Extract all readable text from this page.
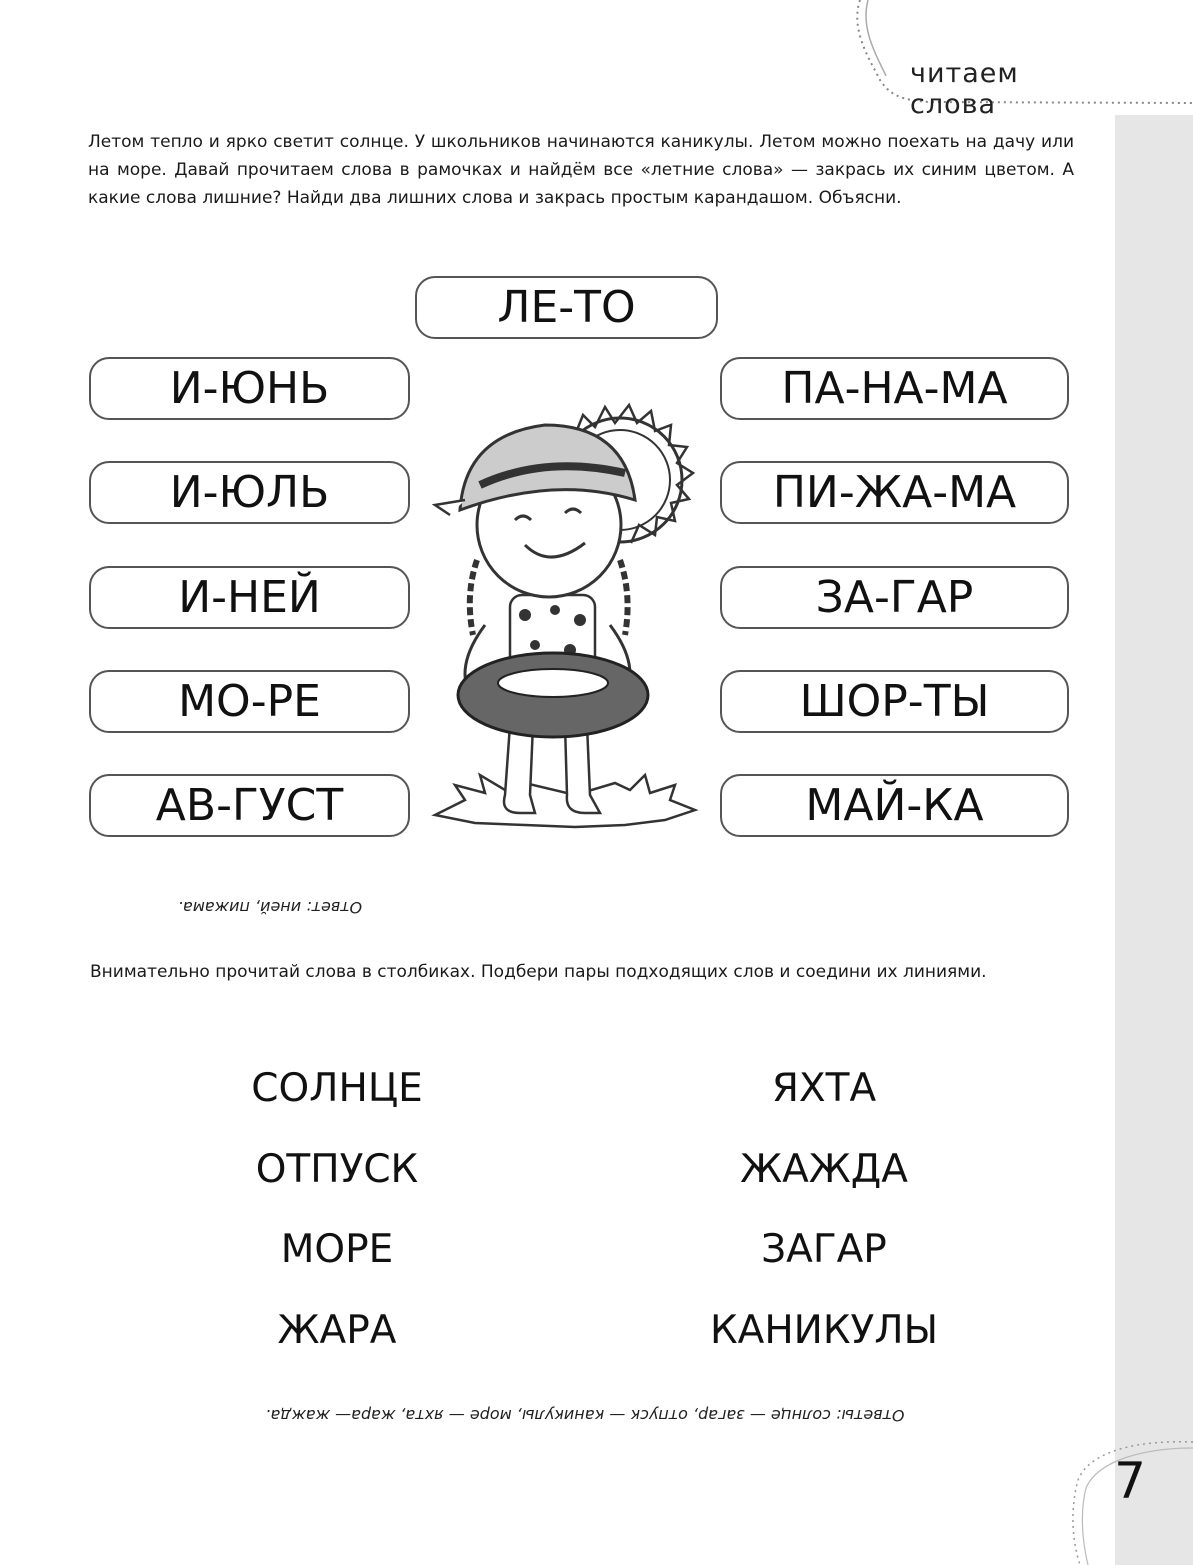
читаем слова

Летом тепло и ярко светит солнце. У школьников начинаются каникулы. Летом можно поехать на дачу или на море. Давай прочитаем слова в рамочках и найдём все «летние слова» — закрась их синим цветом. А какие слова лишние? Найди два лишних слова и закрась простым карандашом. Объясни.

ЛЕ-ТО
И-ЮНЬ
И-ЮЛЬ
И-НЕЙ
МО-РЕ
АВ-ГУСТ
ПА-НА-МА
ПИ-ЖА-МА
ЗА-ГАР
ШОР-ТЫ
МАЙ-КА
Ответ: иней, пижама.

Внимательно прочитай слова в столбиках. Подбери пары подходящих слов и соедини их линиями.

СОЛНЦЕ
ОТПУСК
МОРЕ
ЖАРА
ЯХТА
ЖАЖДА
ЗАГАР
КАНИКУЛЫ
Ответы: солнце — загар, отпуск — каникулы, море — яхта, жара— жажда.
7
